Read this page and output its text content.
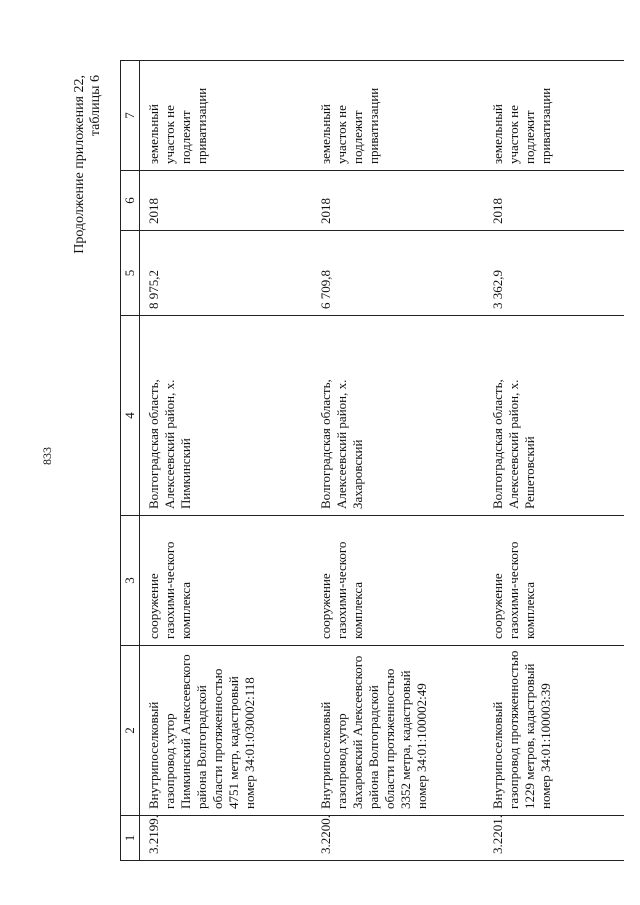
833
Продолжение приложения 22, таблицы 6
1	2	3	4	5	6	7
3.2199.	Внутрипоселковый газопровод хутор Пимкинский Алексеевского района Волгоградской области протяженностью 4751 метр, кадастровый номер 34:01:030002:118	сооружение газохими-ческого комплекса	Волгоградская область, Алексеевский район, х. Пимкинский	8 975,2	2018	земельный участок не подлежит приватизации
3.2200.	Внутрипоселковый газопровод хутор Захаровский Алексеевского района Волгоградской области протяженностью 3352 метра, кадастровый номер 34:01:100002:49	сооружение газохими-ческого комплекса	Волгоградская область, Алексеевский район, х. Захаровский	6 709,8	2018	земельный участок не подлежит приватизации
3.2201.	Внутрипоселковый газопровод протяженностью 1229 метров, кадастровый номер 34:01:100003:39	сооружение газохими-ческого комплекса	Волгоградская область, Алексеевский район, х. Решетовский	3 362,9	2018	земельный участок не подлежит приватизации
